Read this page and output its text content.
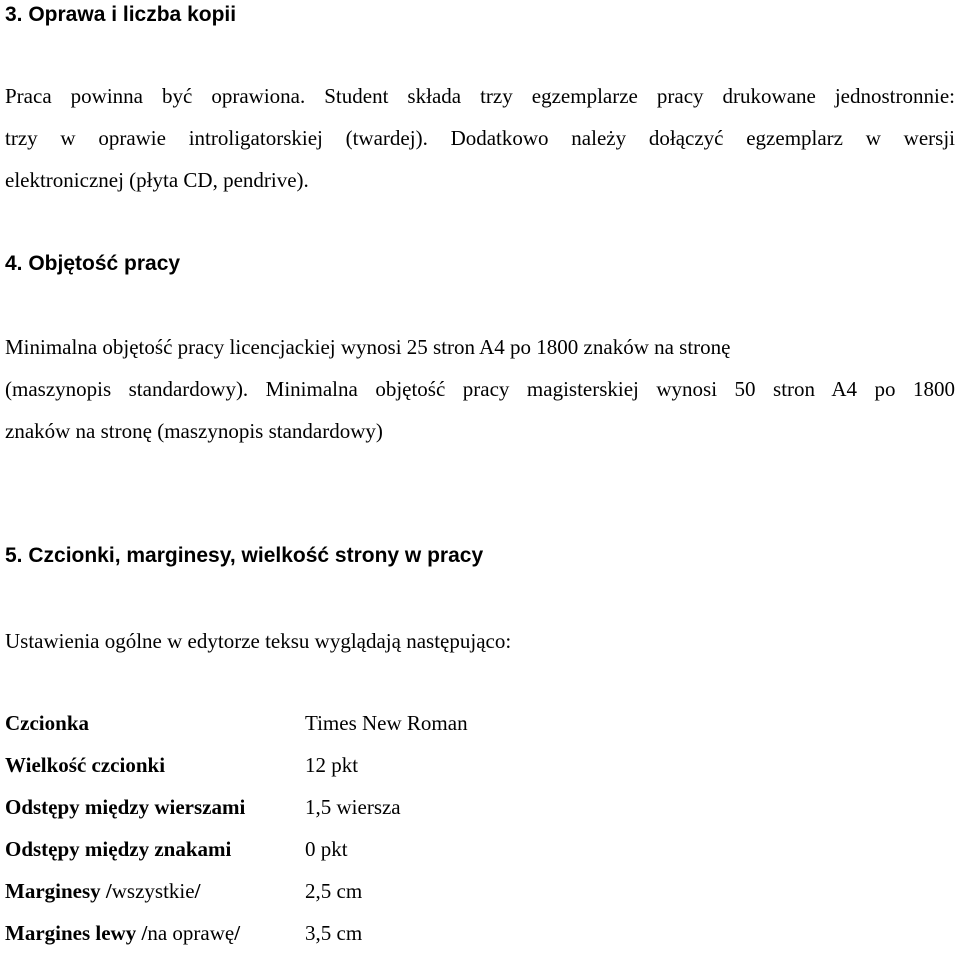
3. Oprawa i liczba kopii
Praca powinna być oprawiona. Student składa trzy egzemplarze pracy drukowane jednostronnie:
trzy w oprawie introligatorskiej (twardej). Dodatkowo należy dołączyć egzemplarz w wersji
elektronicznej (płyta CD, pendrive).
4. Objętość pracy
Minimalna objętość pracy licencjackiej wynosi 25 stron A4 po 1800 znaków na stronę
(maszynopis standardowy). Minimalna objętość pracy magisterskiej wynosi 50 stron A4 po 1800
znaków na stronę (maszynopis standardowy)
5. Czcionki, marginesy, wielkość strony w pracy
Ustawienia ogólne w edytorze teksu wyglądają następująco:
Czcionka	Times New Roman
Wielkość czcionki	12 pkt
Odstępy między wierszami	1,5 wiersza
Odstępy między znakami	0 pkt
Marginesy /wszystkie/	2,5 cm
Margines lewy /na oprawę/	3,5 cm
